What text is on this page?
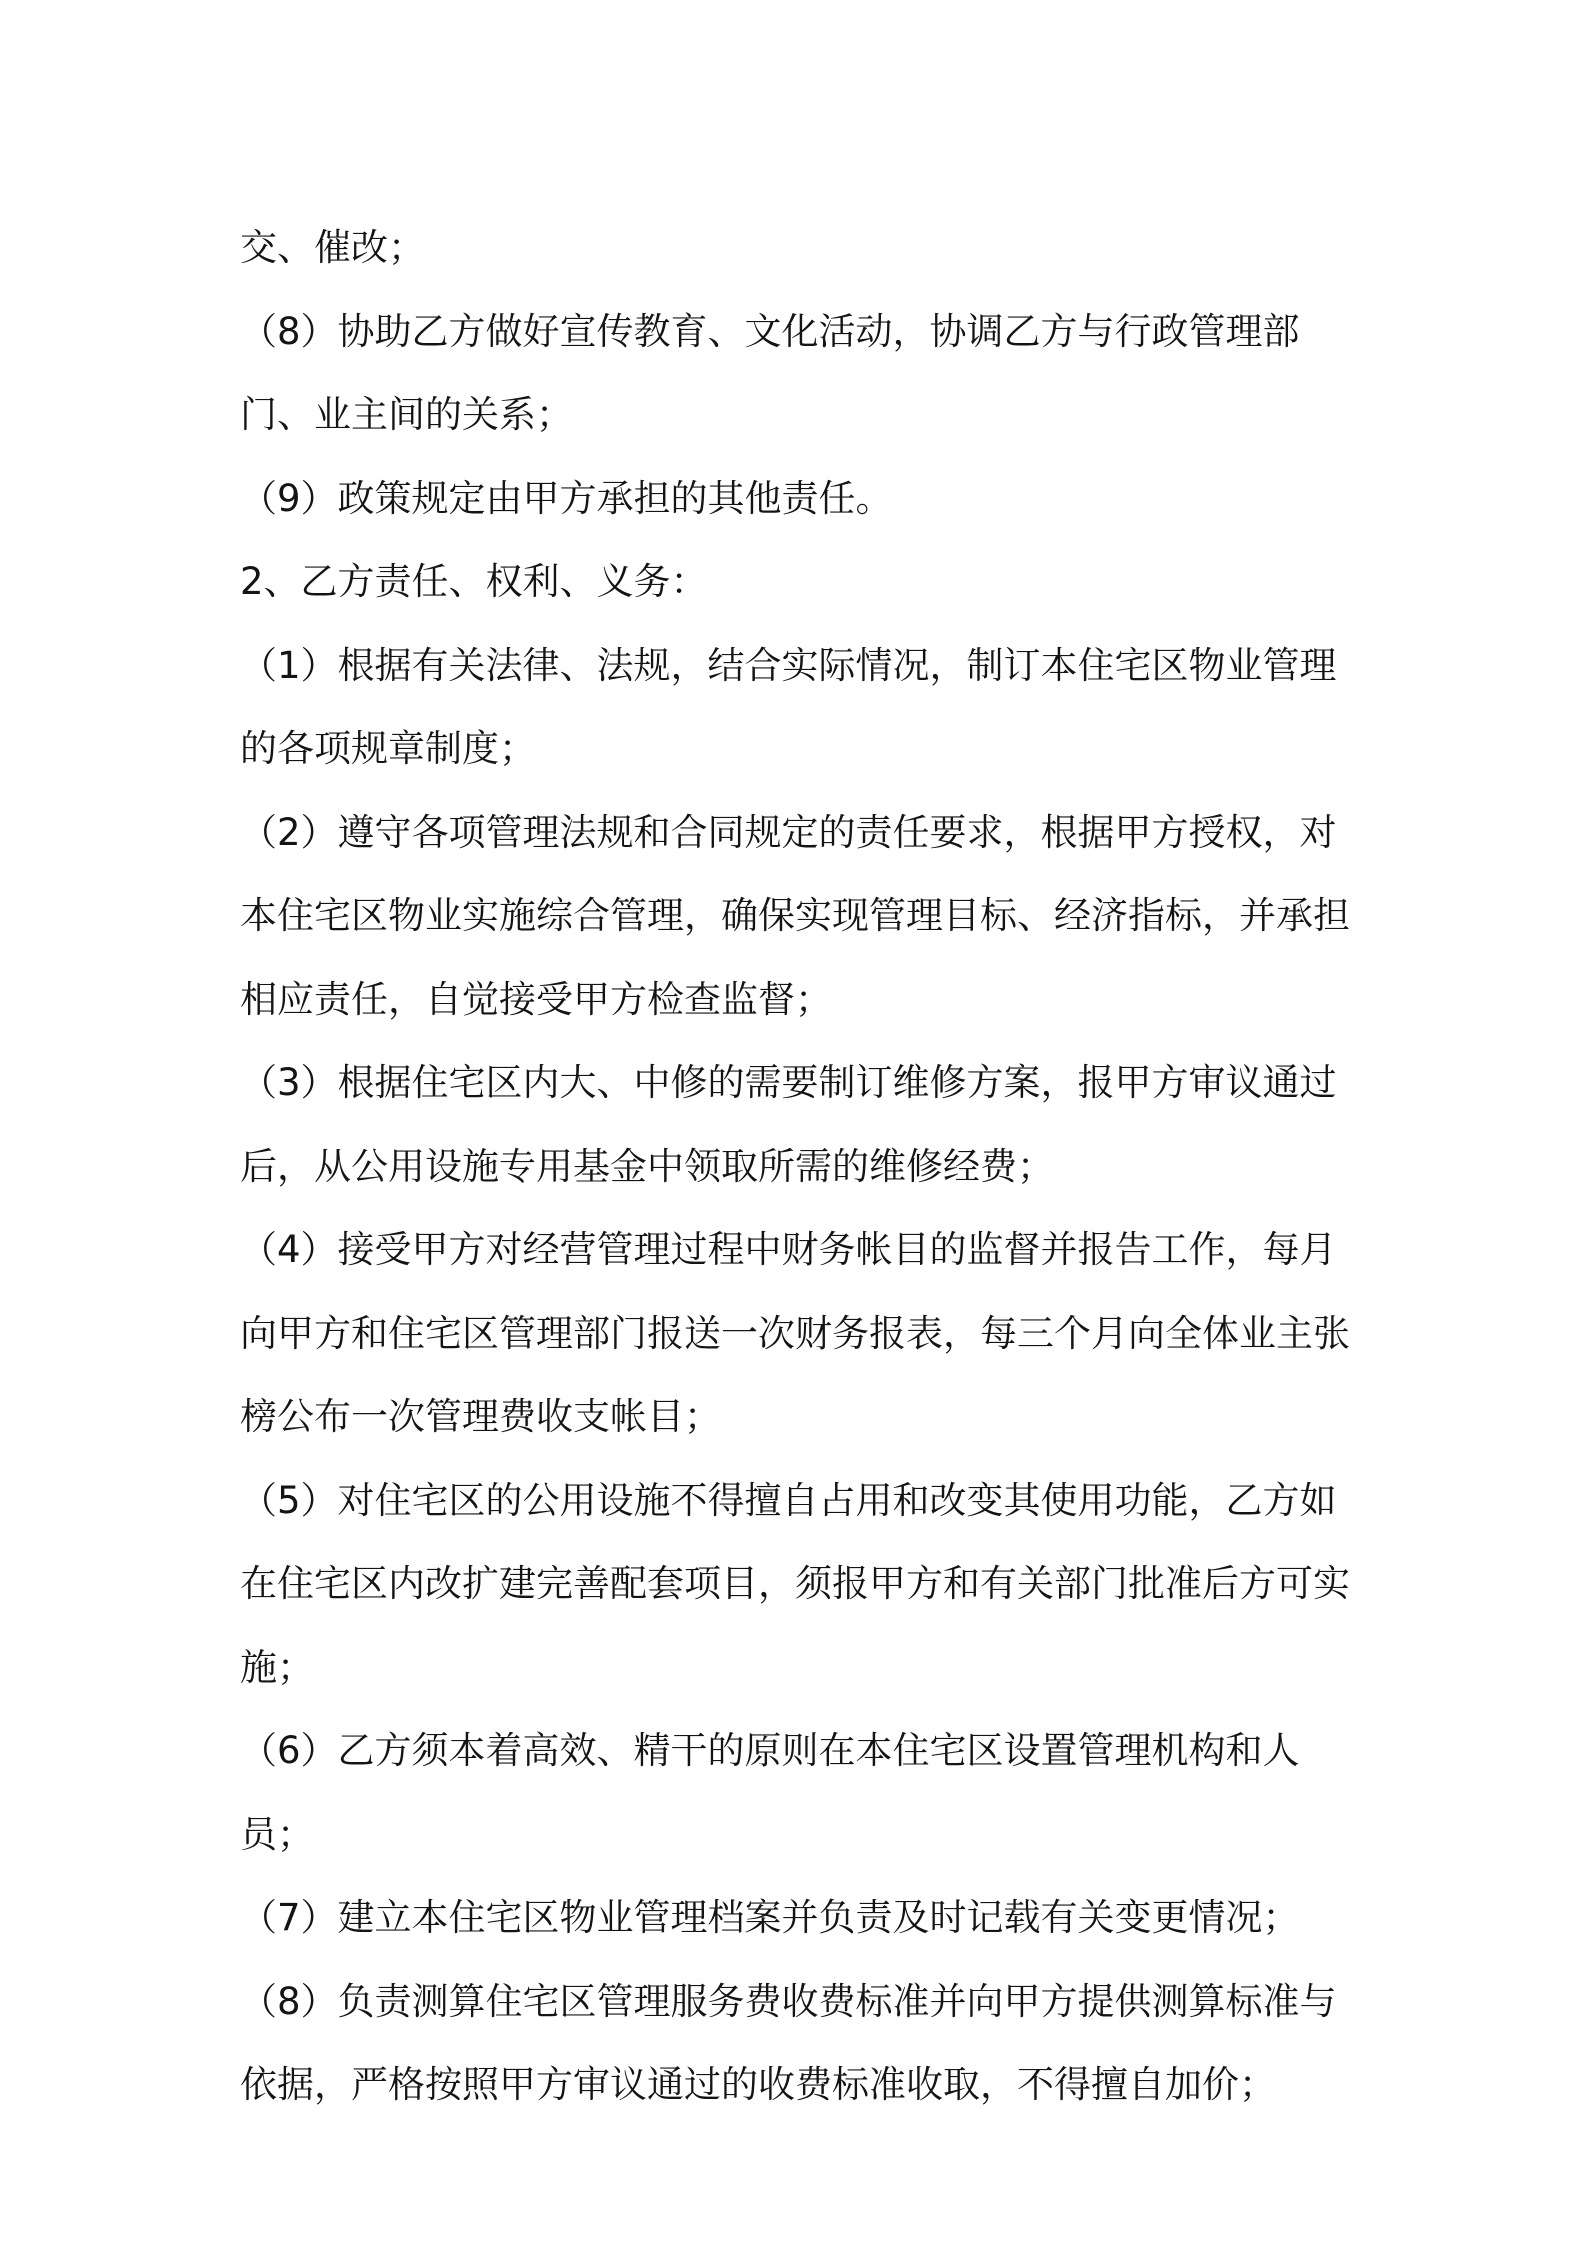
交、催改；

（8）协助乙方做好宣传教育、文化活动，协调乙方与行政管理部门、业主间的关系；

（9）政策规定由甲方承担的其他责任。

2、乙方责任、权利、义务：

（1）根据有关法律、法规，结合实际情况，制订本住宅区物业管理的各项规章制度；

（2）遵守各项管理法规和合同规定的责任要求，根据甲方授权，对本住宅区物业实施综合管理，确保实现管理目标、经济指标，并承担相应责任，自觉接受甲方检查监督；

（3）根据住宅区内大、中修的需要制订维修方案，报甲方审议通过后，从公用设施专用基金中领取所需的维修经费；

（4）接受甲方对经营管理过程中财务帐目的监督并报告工作，每月向甲方和住宅区管理部门报送一次财务报表，每三个月向全体业主张榜公布一次管理费收支帐目；

（5）对住宅区的公用设施不得擅自占用和改变其使用功能，乙方如在住宅区内改扩建完善配套项目，须报甲方和有关部门批准后方可实施；

（6）乙方须本着高效、精干的原则在本住宅区设置管理机构和人员；

（7）建立本住宅区物业管理档案并负责及时记载有关变更情况；

（8）负责测算住宅区管理服务费收费标准并向甲方提供测算标准与依据，严格按照甲方审议通过的收费标准收取，不得擅自加价；
